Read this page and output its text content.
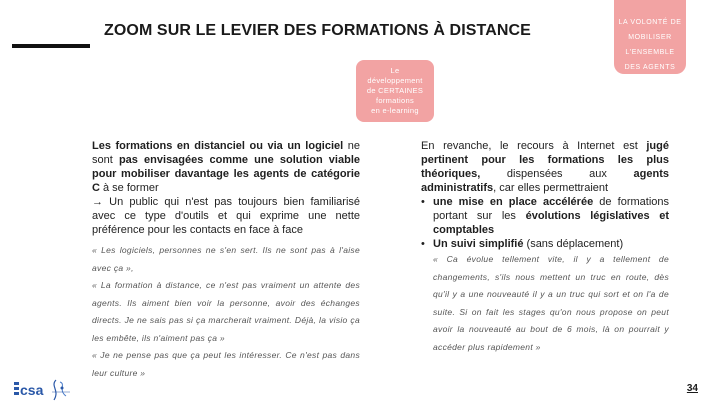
ZOOM SUR LE LEVIER DES FORMATIONS À DISTANCE	LA VOLONTÉ DE
MOBILISER
L'ENSEMBLE
DES AGENTS
Le
développement
de CERTAINES
formations
en e-learning
Les formations en distanciel ou via un logiciel ne sont pas envisagées comme une solution viable pour mobiliser davantage les agents de catégorie C à se former
→ Un public qui n'est pas toujours bien familiarisé avec ce type d'outils et qui exprime une nette préférence pour les contacts en face à face
« Les logiciels, personnes ne s'en sert. Ils ne sont pas à l'aise avec ça »,
« La formation à distance, ce n'est pas vraiment un attente des agents. Ils aiment bien voir la personne, avoir des échanges directs. Je ne sais pas si ça marcherait vraiment. Déjà, la visio ça les embête, ils n'aiment pas ça »
« Je ne pense pas que ça peut les intéresser. Ce n'est pas dans leur culture »
En revanche, le recours à Internet est jugé pertinent pour les formations les plus théoriques, dispensées aux agents administratifs, car elles permettraient
• une mise en place accélérée de formations portant sur les évolutions législatives et comptables
• Un suivi simplifié (sans déplacement)
« Ca évolue tellement vite, il y a tellement de changements, s'ils nous mettent un truc en route, dès qu'il y a une nouveauté il y a un truc qui sort et on l'a de suite. Si on fait les stages qu'on nous propose on peut avoir la nouveauté au bout de 6 mois, là on pourrait y accéder plus rapidement »
csa	34
